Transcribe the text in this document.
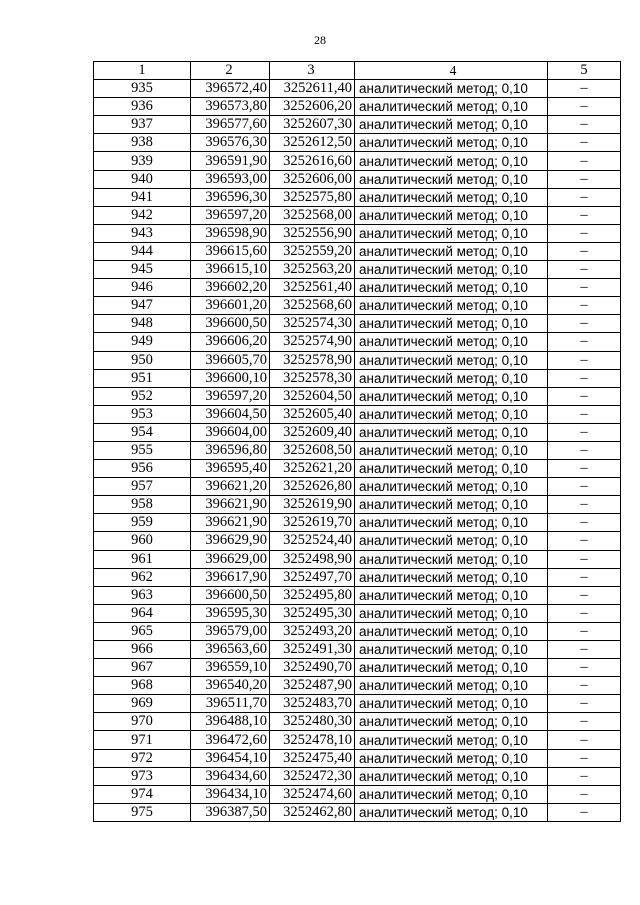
28
1	2	3	4	5
935	396572,40	3252611,40	аналитический метод; 0,10	–
936	396573,80	3252606,20	аналитический метод; 0,10	–
937	396577,60	3252607,30	аналитический метод; 0,10	–
938	396576,30	3252612,50	аналитический метод; 0,10	–
939	396591,90	3252616,60	аналитический метод; 0,10	–
940	396593,00	3252606,00	аналитический метод; 0,10	–
941	396596,30	3252575,80	аналитический метод; 0,10	–
942	396597,20	3252568,00	аналитический метод; 0,10	–
943	396598,90	3252556,90	аналитический метод; 0,10	–
944	396615,60	3252559,20	аналитический метод; 0,10	–
945	396615,10	3252563,20	аналитический метод; 0,10	–
946	396602,20	3252561,40	аналитический метод; 0,10	–
947	396601,20	3252568,60	аналитический метод; 0,10	–
948	396600,50	3252574,30	аналитический метод; 0,10	–
949	396606,20	3252574,90	аналитический метод; 0,10	–
950	396605,70	3252578,90	аналитический метод; 0,10	–
951	396600,10	3252578,30	аналитический метод; 0,10	–
952	396597,20	3252604,50	аналитический метод; 0,10	–
953	396604,50	3252605,40	аналитический метод; 0,10	–
954	396604,00	3252609,40	аналитический метод; 0,10	–
955	396596,80	3252608,50	аналитический метод; 0,10	–
956	396595,40	3252621,20	аналитический метод; 0,10	–
957	396621,20	3252626,80	аналитический метод; 0,10	–
958	396621,90	3252619,90	аналитический метод; 0,10	–
959	396621,90	3252619,70	аналитический метод; 0,10	–
960	396629,90	3252524,40	аналитический метод; 0,10	–
961	396629,00	3252498,90	аналитический метод; 0,10	–
962	396617,90	3252497,70	аналитический метод; 0,10	–
963	396600,50	3252495,80	аналитический метод; 0,10	–
964	396595,30	3252495,30	аналитический метод; 0,10	–
965	396579,00	3252493,20	аналитический метод; 0,10	–
966	396563,60	3252491,30	аналитический метод; 0,10	–
967	396559,10	3252490,70	аналитический метод; 0,10	–
968	396540,20	3252487,90	аналитический метод; 0,10	–
969	396511,70	3252483,70	аналитический метод; 0,10	–
970	396488,10	3252480,30	аналитический метод; 0,10	–
971	396472,60	3252478,10	аналитический метод; 0,10	–
972	396454,10	3252475,40	аналитический метод; 0,10	–
973	396434,60	3252472,30	аналитический метод; 0,10	–
974	396434,10	3252474,60	аналитический метод; 0,10	–
975	396387,50	3252462,80	аналитический метод; 0,10	–
